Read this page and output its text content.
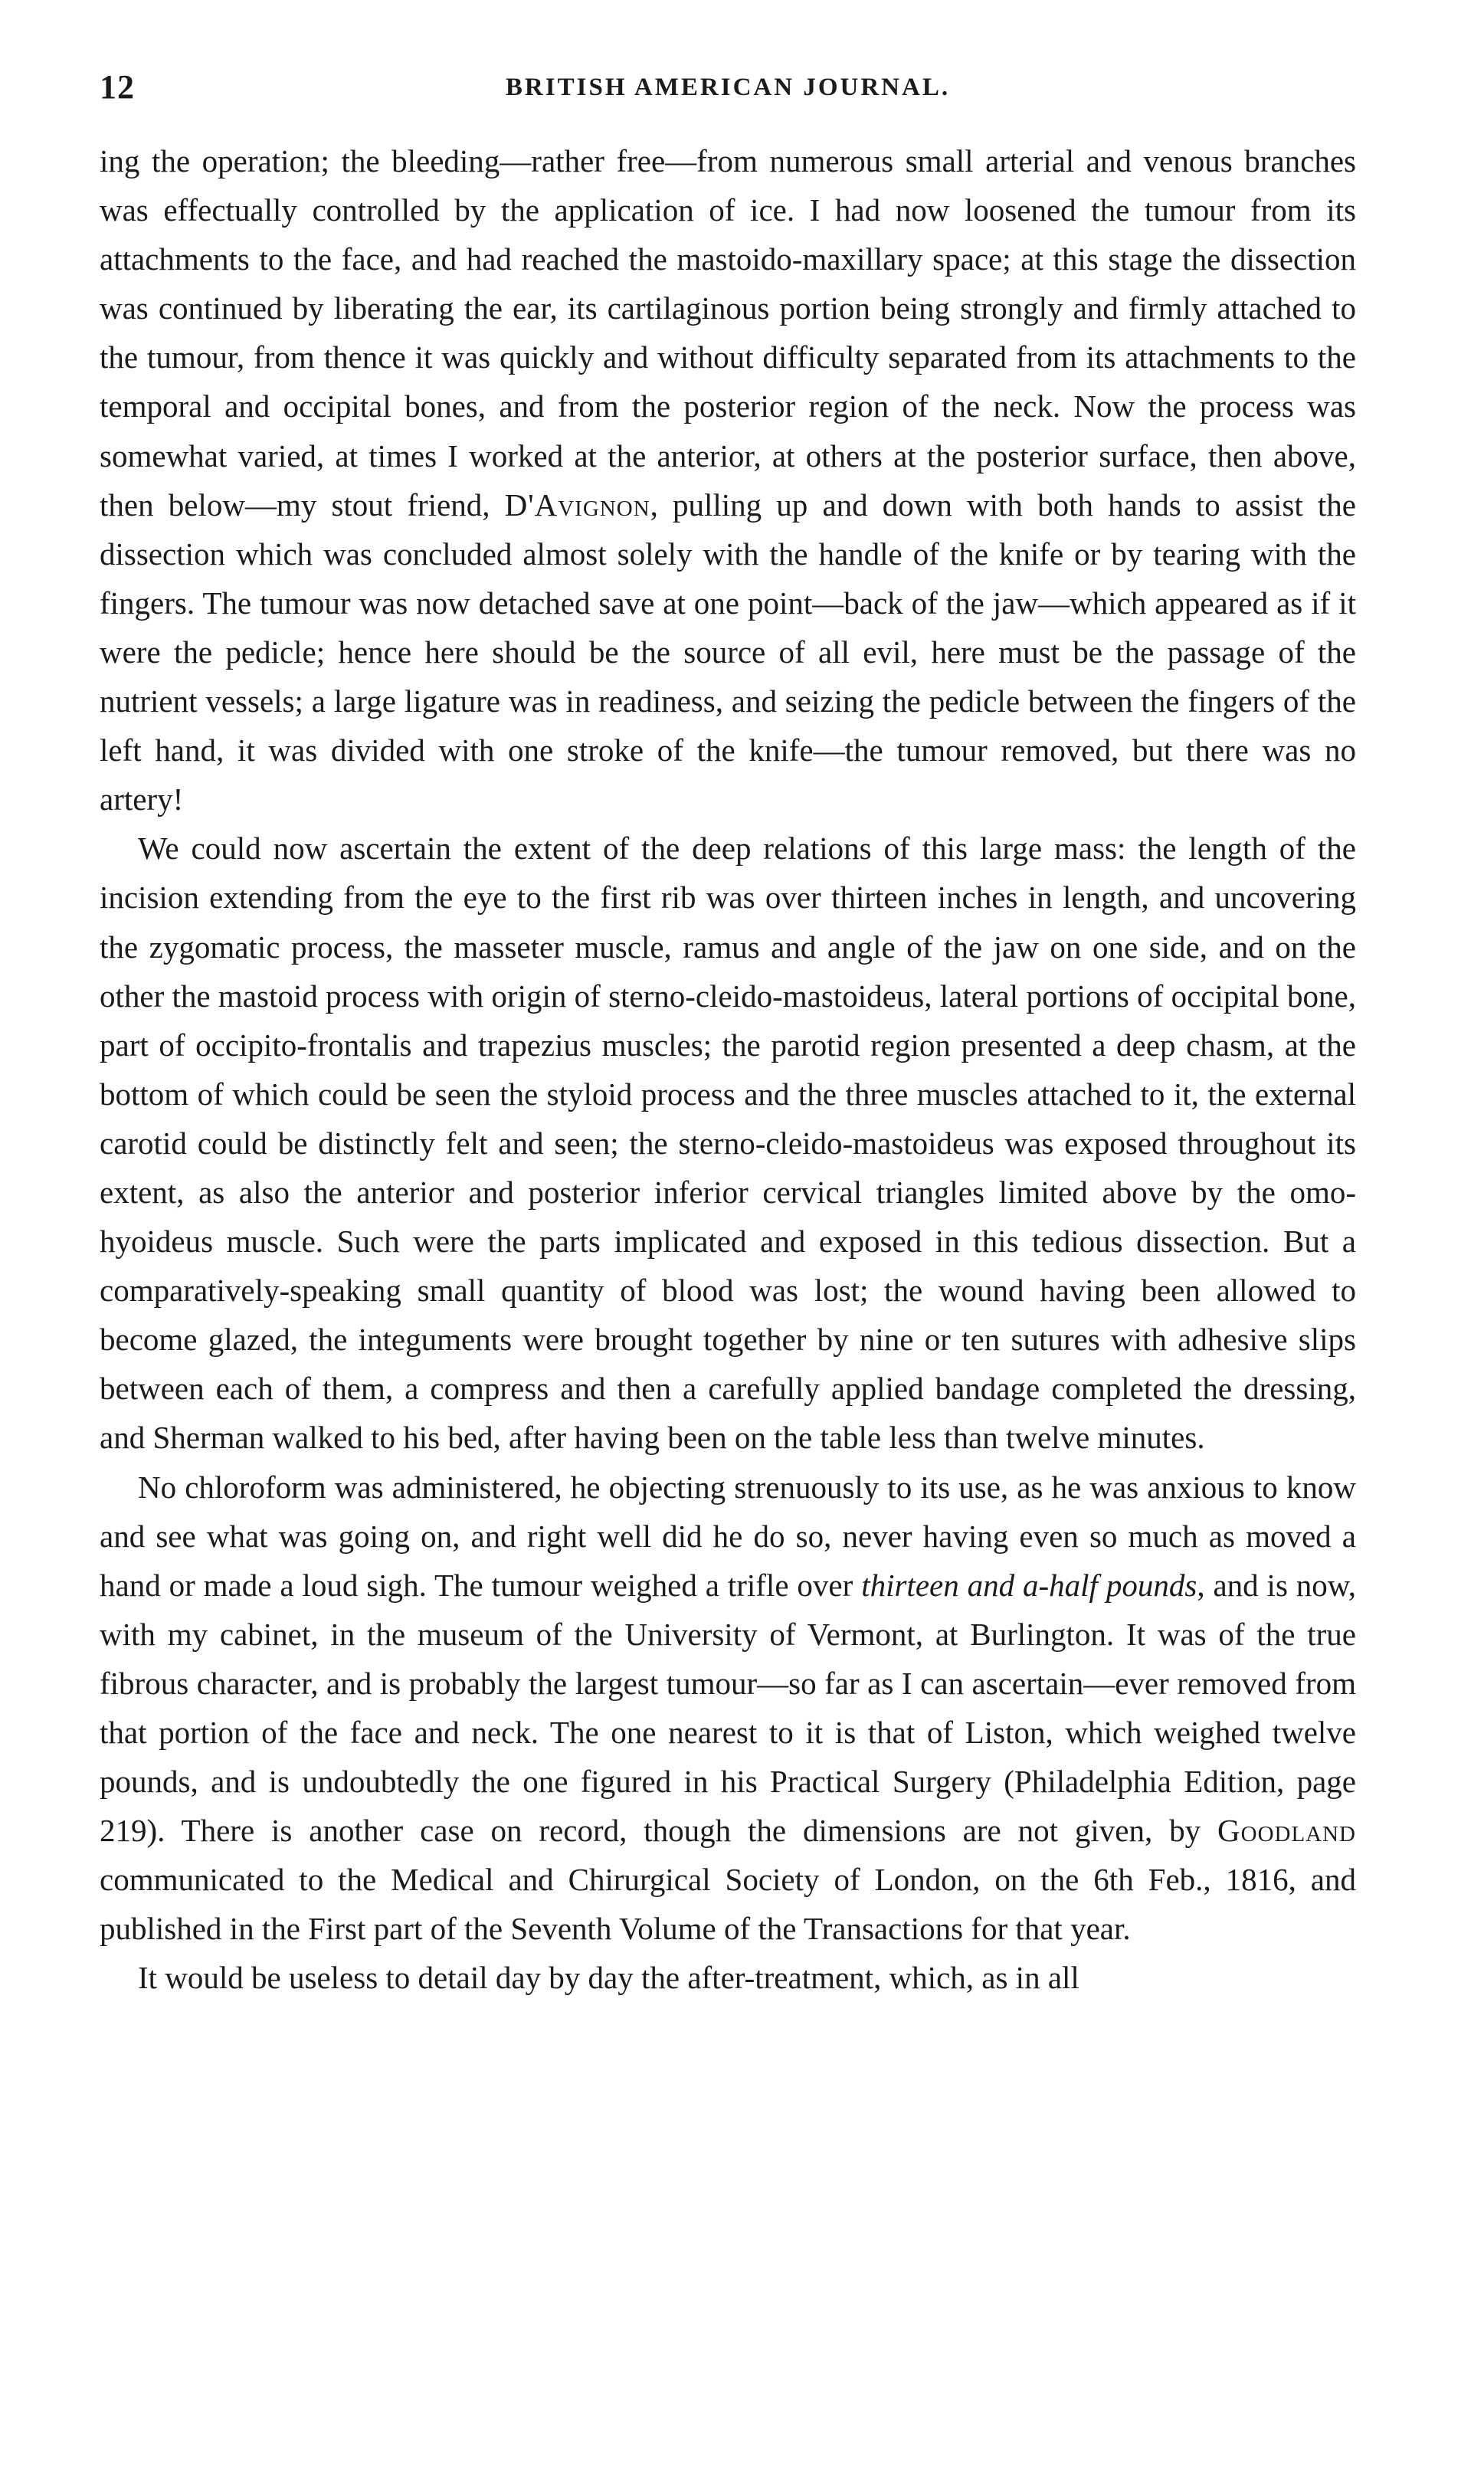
12	BRITISH AMERICAN JOURNAL.

ing the operation; the bleeding—rather free—from numerous small arterial and venous branches was effectually controlled by the application of ice. I had now loosened the tumour from its attachments to the face, and had reached the mastoido-maxillary space; at this stage the dissection was continued by liberating the ear, its cartilaginous portion being strongly and firmly attached to the tumour, from thence it was quickly and without difficulty separated from its attachments to the temporal and occipital bones, and from the posterior region of the neck. Now the process was somewhat varied, at times I worked at the anterior, at others at the posterior surface, then above, then below—my stout friend, D'Avignon, pulling up and down with both hands to assist the dissection which was concluded almost solely with the handle of the knife or by tearing with the fingers. The tumour was now detached save at one point—back of the jaw—which appeared as if it were the pedicle; hence here should be the source of all evil, here must be the passage of the nutrient vessels; a large ligature was in readiness, and seizing the pedicle between the fingers of the left hand, it was divided with one stroke of the knife—the tumour removed, but there was no artery!

We could now ascertain the extent of the deep relations of this large mass: the length of the incision extending from the eye to the first rib was over thirteen inches in length, and uncovering the zygomatic process, the masseter muscle, ramus and angle of the jaw on one side, and on the other the mastoid process with origin of sterno-cleido-mastoideus, lateral portions of occipital bone, part of occipito-frontalis and trapezius muscles; the parotid region presented a deep chasm, at the bottom of which could be seen the styloid process and the three muscles attached to it, the external carotid could be distinctly felt and seen; the sterno-cleido-mastoideus was exposed throughout its extent, as also the anterior and posterior inferior cervical triangles limited above by the omo-hyoideus muscle. Such were the parts implicated and exposed in this tedious dissection. But a comparatively-speaking small quantity of blood was lost; the wound having been allowed to become glazed, the integuments were brought together by nine or ten sutures with adhesive slips between each of them, a compress and then a carefully applied bandage completed the dressing, and Sherman walked to his bed, after having been on the table less than twelve minutes.

No chloroform was administered, he objecting strenuously to its use, as he was anxious to know and see what was going on, and right well did he do so, never having even so much as moved a hand or made a loud sigh. The tumour weighed a trifle over thirteen and a-half pounds, and is now, with my cabinet, in the museum of the University of Vermont, at Burlington. It was of the true fibrous character, and is probably the largest tumour—so far as I can ascertain—ever removed from that portion of the face and neck. The one nearest to it is that of Liston, which weighed twelve pounds, and is undoubtedly the one figured in his Practical Surgery (Philadelphia Edition, page 219). There is another case on record, though the dimensions are not given, by Goodland communicated to the Medical and Chirurgical Society of London, on the 6th Feb., 1816, and published in the First part of the Seventh Volume of the Transactions for that year.

It would be useless to detail day by day the after-treatment, which, as in all
